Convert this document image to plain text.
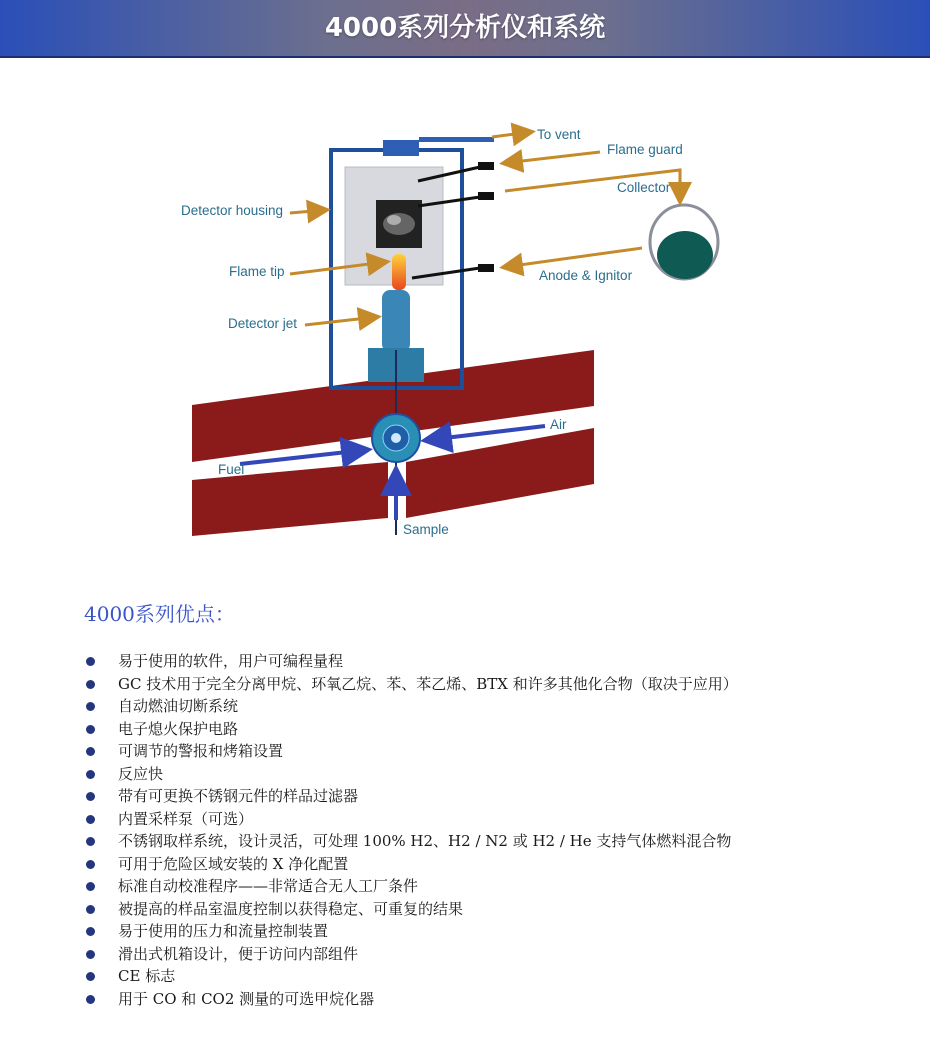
4000系列分析仪和系统
To vent
Flame guard
Collector
Detector housing
Flame tip	Anode & Ignitor
Detector jet
Air
Fuel
Sample
4000系列优点：
易于使用的软件，用户可编程量程
GC 技术用于完全分离甲烷、环氧乙烷、苯、苯乙烯、BTX 和许多其他化合物（取决于应用）
自动燃油切断系统
电子熄火保护电路
可调节的警报和烤箱设置
反应快
带有可更换不锈钢元件的样品过滤器
内置采样泵（可选）
不锈钢取样系统，设计灵活，可处理 100% H2、H2 / N2 或 H2 / He 支持气体燃料混合物
可用于危险区域安装的 X 净化配置
标准自动校准程序——非常适合无人工厂条件
被提高的样品室温度控制以获得稳定、可重复的结果
易于使用的压力和流量控制装置
滑出式机箱设计，便于访问内部组件
CE 标志
用于 CO 和 CO2 测量的可选甲烷化器
